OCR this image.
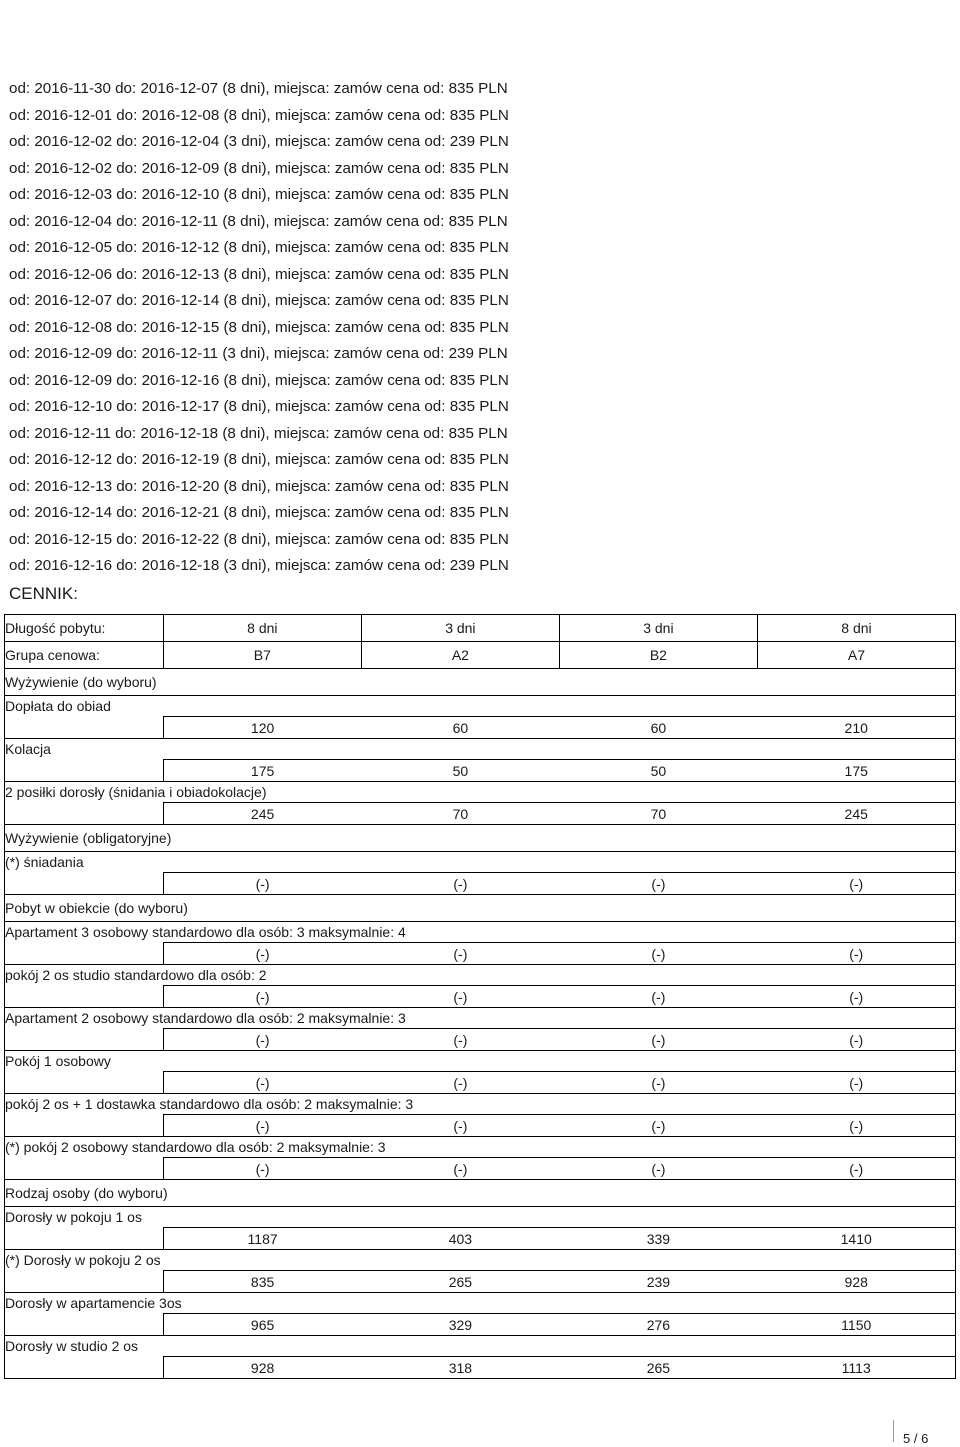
od: 2016-11-30 do: 2016-12-07 (8 dni), miejsca: zamów cena od: 835 PLN
od: 2016-12-01 do: 2016-12-08 (8 dni), miejsca: zamów cena od: 835 PLN
od: 2016-12-02 do: 2016-12-04 (3 dni), miejsca: zamów cena od: 239 PLN
od: 2016-12-02 do: 2016-12-09 (8 dni), miejsca: zamów cena od: 835 PLN
od: 2016-12-03 do: 2016-12-10 (8 dni), miejsca: zamów cena od: 835 PLN
od: 2016-12-04 do: 2016-12-11 (8 dni), miejsca: zamów cena od: 835 PLN
od: 2016-12-05 do: 2016-12-12 (8 dni), miejsca: zamów cena od: 835 PLN
od: 2016-12-06 do: 2016-12-13 (8 dni), miejsca: zamów cena od: 835 PLN
od: 2016-12-07 do: 2016-12-14 (8 dni), miejsca: zamów cena od: 835 PLN
od: 2016-12-08 do: 2016-12-15 (8 dni), miejsca: zamów cena od: 835 PLN
od: 2016-12-09 do: 2016-12-11 (3 dni), miejsca: zamów cena od: 239 PLN
od: 2016-12-09 do: 2016-12-16 (8 dni), miejsca: zamów cena od: 835 PLN
od: 2016-12-10 do: 2016-12-17 (8 dni), miejsca: zamów cena od: 835 PLN
od: 2016-12-11 do: 2016-12-18 (8 dni), miejsca: zamów cena od: 835 PLN
od: 2016-12-12 do: 2016-12-19 (8 dni), miejsca: zamów cena od: 835 PLN
od: 2016-12-13 do: 2016-12-20 (8 dni), miejsca: zamów cena od: 835 PLN
od: 2016-12-14 do: 2016-12-21 (8 dni), miejsca: zamów cena od: 835 PLN
od: 2016-12-15 do: 2016-12-22 (8 dni), miejsca: zamów cena od: 835 PLN
od: 2016-12-16 do: 2016-12-18 (3 dni), miejsca: zamów cena od: 239 PLN
CENNIK:
Długość pobytu:	8 dni	3 dni	3 dni	8 dni
Grupa cenowa:	B7	A2	B2	A7
Wyżywienie (do wyboru)				
Dopłata do obiad				
	120	60	60	210
Kolacja				
	175	50	50	175
2 posiłki dorosły (śnidania i obiadokolacje)				
	245	70	70	245
Wyżywienie (obligatoryjne)				
(*) śniadania				
	(-)	(-)	(-)	(-)
Pobyt w obiekcie (do wyboru)				
Apartament 3 osobowy standardowo dla osób: 3 maksymalnie: 4				
	(-)	(-)	(-)	(-)
pokój 2 os studio standardowo dla osób: 2				
	(-)	(-)	(-)	(-)
Apartament 2 osobowy standardowo dla osób: 2 maksymalnie: 3				
	(-)	(-)	(-)	(-)
Pokój 1 osobowy				
	(-)	(-)	(-)	(-)
pokój 2 os + 1 dostawka standardowo dla osób: 2 maksymalnie: 3				
	(-)	(-)	(-)	(-)
(*) pokój 2 osobowy standardowo dla osób: 2 maksymalnie: 3				
	(-)	(-)	(-)	(-)
Rodzaj osoby (do wyboru)				
Dorosły w pokoju 1 os				
	1187	403	339	1410
(*) Dorosły w pokoju 2 os				
	835	265	239	928
Dorosły w apartamencie 3os				
	965	329	276	1150
Dorosły w studio 2 os				
	928	318	265	1113
5 / 6
